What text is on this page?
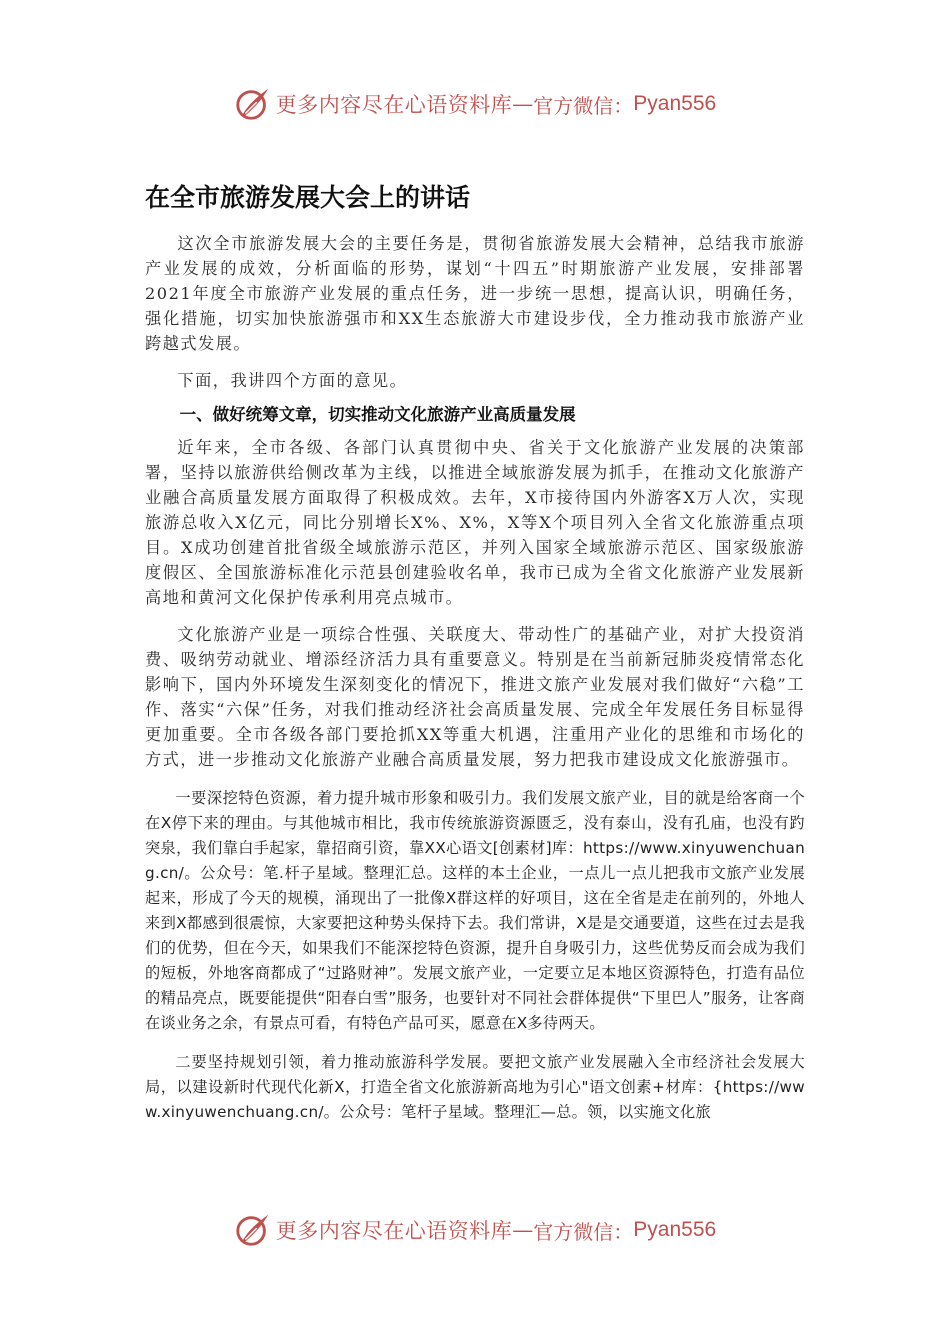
更多内容尽在心语资料库 — 官方微信： Pyan556
在全市旅游发展大会上的讲话

这次全市旅游发展大会的主要任务是，贯彻省旅游发展大会精神，总结我市旅游产业发展的成效，分析面临的形势，谋划“十四五”时期旅游产业发展，安排部署2021年度全市旅游产业发展的重点任务，进一步统一思想，提高认识，明确任务，强化措施，切实加快旅游强市和XX生态旅游大市建设步伐，全力推动我市旅游产业跨越式发展。

下面，我讲四个方面的意见。

一、做好统筹文章，切实推动文化旅游产业高质量发展

近年来，全市各级、各部门认真贯彻中央、省关于文化旅游产业发展的决策部署，坚持以旅游供给侧改革为主线，以推进全域旅游发展为抓手，在推动文化旅游产业融合高质量发展方面取得了积极成效。去年，X市接待国内外游客X万人次，实现旅游总收入X亿元，同比分别增长X%、X%，X等X个项目列入全省文化旅游重点项目。X成功创建首批省级全域旅游示范区，并列入国家全域旅游示范区、国家级旅游度假区、全国旅游标准化示范县创建验收名单，我市已成为全省文化旅游产业发展新高地和黄河文化保护传承利用亮点城市。

文化旅游产业是一项综合性强、关联度大、带动性广的基础产业，对扩大投资消费、吸纳劳动就业、增添经济活力具有重要意义。特别是在当前新冠肺炎疫情常态化影响下，国内外环境发生深刻变化的情况下，推进文旅产业发展对我们做好“六稳”工作、落实“六保”任务，对我们推动经济社会高质量发展、完成全年发展任务目标显得更加重要。全市各级各部门要抢抓XX等重大机遇，注重用产业化的思维和市场化的方式，进一步推动文化旅游产业融合高质量发展，努力把我市建设成文化旅游强市。

一要深挖特色资源，着力提升城市形象和吸引力。我们发展文旅产业，目的就是给客商一个在X停下来的理由。与其他城市相比，我市传统旅游资源匮乏，没有泰山，没有孔庙，也没有趵突泉，我们靠白手起家，靠招商引资，靠XX心语文[创素材]库：https://www.xinyuwenchuang.cn/。公众号：笔.杆子星域。整理汇总。这样的本土企业，一点儿一点儿把我市文旅产业发展起来，形成了今天的规模，涌现出了一批像X群这样的好项目，这在全省是走在前列的，外地人来到X都感到很震惊，大家要把这种势头保持下去。我们常讲，X是是交通要道，这些在过去是我们的优势，但在今天，如果我们不能深挖特色资源，提升自身吸引力，这些优势反而会成为我们的短板，外地客商都成了“过路财神”。发展文旅产业，一定要立足本地区资源特色，打造有品位的精品亮点，既要能提供“阳春白雪”服务，也要针对不同社会群体提供“下里巴人”服务，让客商在谈业务之余，有景点可看，有特色产品可买，愿意在X多待两天。

二要坚持规划引领，着力推动旅游科学发展。要把文旅产业发展融入全市经济社会发展大局，以建设新时代现代化新X，打造全省文化旅游新高地为引心"语文创素+材库：{https://www.xinyuwenchuang.cn/。公众号：笔杆子星域。整理汇—总。领，以实施文化旅

更多内容尽在心语资料库 — 官方微信： Pyan556
